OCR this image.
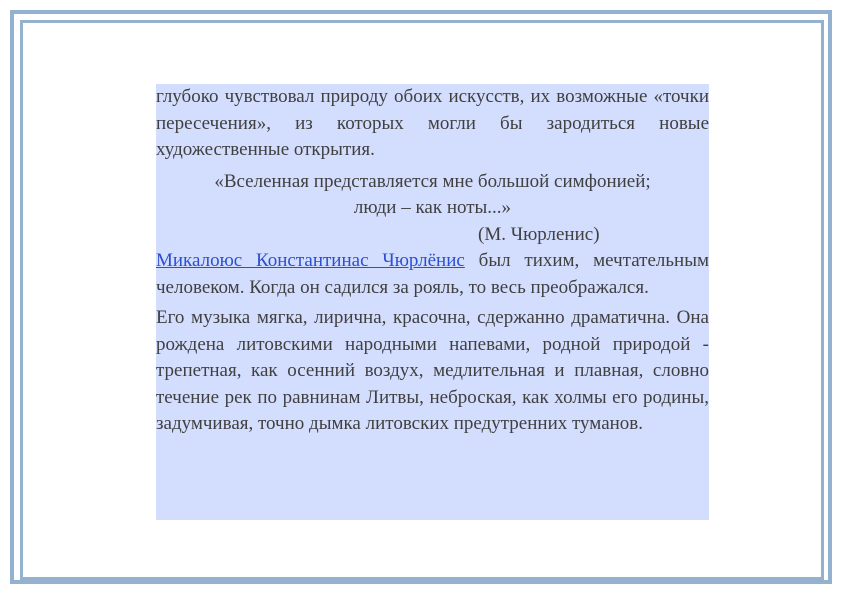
глубоко чувствовал природу обоих искусств, их возможные «точки пересечения», из которых могли бы зародиться новые художественные открытия.

«Вселенная представляется мне большой симфонией;

люди – как ноты...»

(М. Чюрленис)

Микалоюс Константинас Чюрлёнис был тихим, мечтательным человеком. Когда он садился за рояль, то весь преображался.

Его музыка мягка, лирична, красочна, сдержанно драматична. Она рождена литовскими народными напевами, родной природой - трепетная, как осенний воздух, медлительная и плавная, словно течение рек по равнинам Литвы, неброская, как холмы его родины, задумчивая, точно дымка литовских предутренних туманов.
